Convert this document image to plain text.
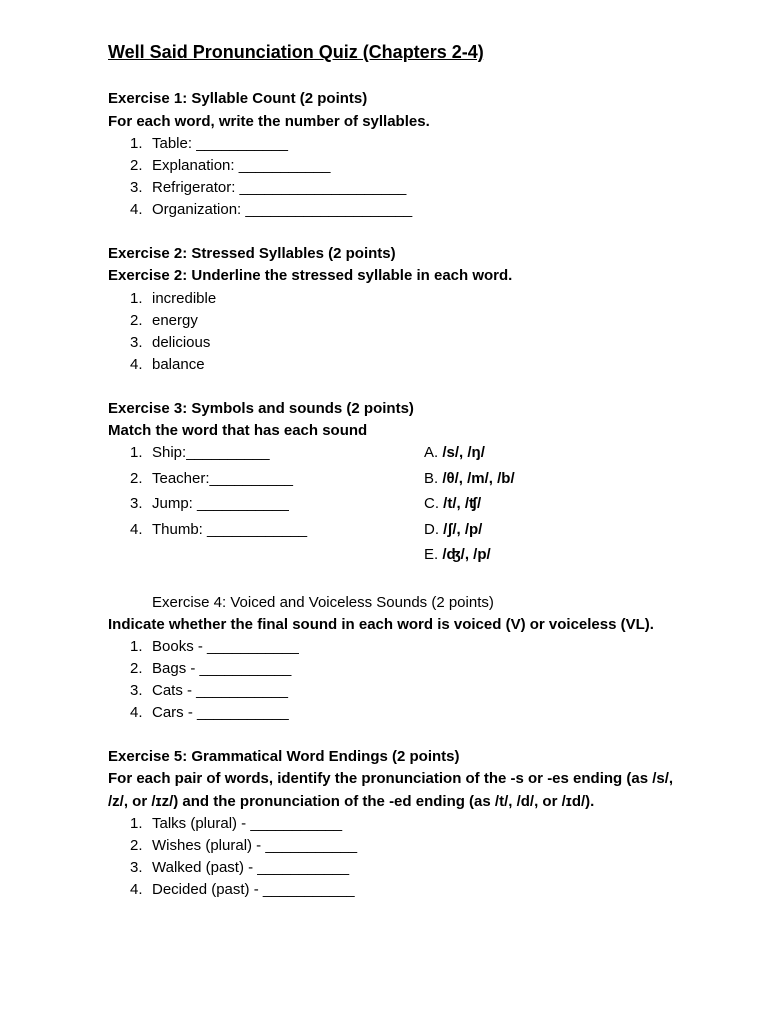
Well Said Pronunciation Quiz (Chapters 2-4)
Exercise 1: Syllable Count (2 points)
For each word, write the number of syllables.
1. Table: ___________
2. Explanation: ___________
3. Refrigerator: ____________________
4. Organization: ____________________
Exercise 2: Stressed Syllables (2 points)
Exercise 2: Underline the stressed syllable in each word.
1. incredible
2. energy
3. delicious
4. balance
Exercise 3: Symbols and sounds (2 points)
Match the word that has each sound
1. Ship:__________
2. Teacher:__________
3. Jump: ___________
4. Thumb: ____________
A. /s/, /ŋ/
B. /θ/, /m/, /b/
C. /t/, /ʧ/
D. /ʃ/, /p/
E. /ʤ/, /p/
Exercise 4: Voiced and Voiceless Sounds (2 points)
Indicate whether the final sound in each word is voiced (V) or voiceless (VL).
1. Books - ___________
2. Bags - ___________
3. Cats - ___________
4. Cars - ___________
Exercise 5: Grammatical Word Endings (2 points)
For each pair of words, identify the pronunciation of the -s or -es ending (as /s/,
/z/, or /ɪz/) and the pronunciation of the -ed ending (as /t/, /d/, or /ɪd/).
1. Talks (plural) - ___________
2. Wishes (plural) - ___________
3. Walked (past) - ___________
4. Decided (past) - ___________
